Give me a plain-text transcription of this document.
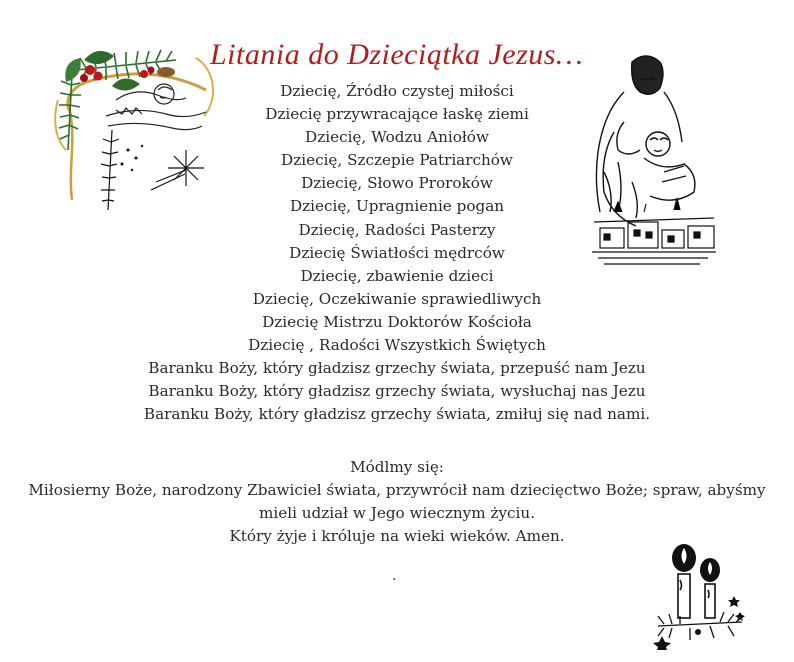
Litania do Dzieciątka Jezus…
Dziecię, Źródło czystej miłości
Dziecię przywracające łaskę ziemi
Dziecię, Wodzu Aniołów
Dziecię, Szczepie Patriarchów
Dziecię, Słowo Proroków
Dziecię, Upragnienie pogan
Dziecię, Radości Pasterzy
Dziecię Światłości mędrców
Dziecię, zbawienie dzieci
Dziecię, Oczekiwanie sprawiedliwych
Dziecię Mistrzu Doktorów Kościoła
Dziecię , Radości Wszystkich Świętych
Baranku Boży, który gładzisz grzechy świata, przepuść nam Jezu
Baranku Boży, który gładzisz grzechy świata, wysłuchaj nas Jezu
Baranku Boży, który gładzisz grzechy świata, zmiłuj się nad nami.
Módlmy się:
Miłosierny Boże, narodzony Zbawiciel świata, przywrócił nam dziecięctwo Boże; spraw, abyśmy mieli udział w Jego wiecznym życiu.
Który żyje i króluje na wieki wieków. Amen.
.
